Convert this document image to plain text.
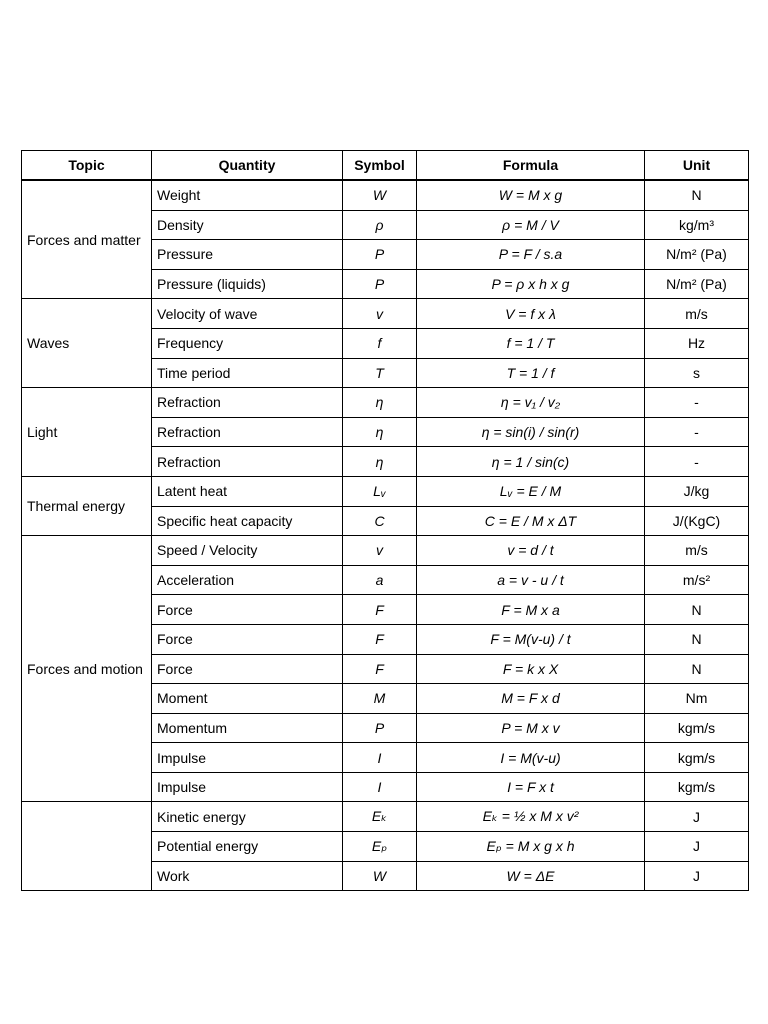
Topic	Quantity	Symbol	Formula	Unit
Forces and matter	Weight	W	W = M x g	N
	Density	ρ	ρ = M / V	kg/m³
	Pressure	P	P = F / s.a	N/m² (Pa)
	Pressure (liquids)	P	P = ρ x h x g	N/m² (Pa)
Waves	Velocity of wave	v	V = f x λ	m/s
	Frequency	f	f = 1 / T	Hz
	Time period	T	T = 1 / f	s
Light	Refraction	η	η = v₁ / v₂	-
	Refraction	η	η = sin(i) / sin(r)	-
	Refraction	η	η = 1 / sin(c)	-
Thermal energy	Latent heat	Lᵥ	Lᵥ = E / M	J/kg
	Specific heat capacity	C	C = E / M x ΔT	J/(KgC)
Forces and motion	Speed / Velocity	v	v = d / t	m/s
	Acceleration	a	a = v - u / t	m/s²
	Force	F	F = M x a	N
	Force	F	F = M(v-u) / t	N
	Force	F	F = k x X	N
	Moment	M	M = F x d	Nm
	Momentum	P	P = M x v	kgm/s
	Impulse	I	I = M(v-u)	kgm/s
	Impulse	I	I = F x t	kgm/s
	Kinetic energy	Eₖ	Eₖ = ½ x M x v²	J
	Potential energy	Eₚ	Eₚ = M x g x h	J
	Work	W	W = ΔE	J
